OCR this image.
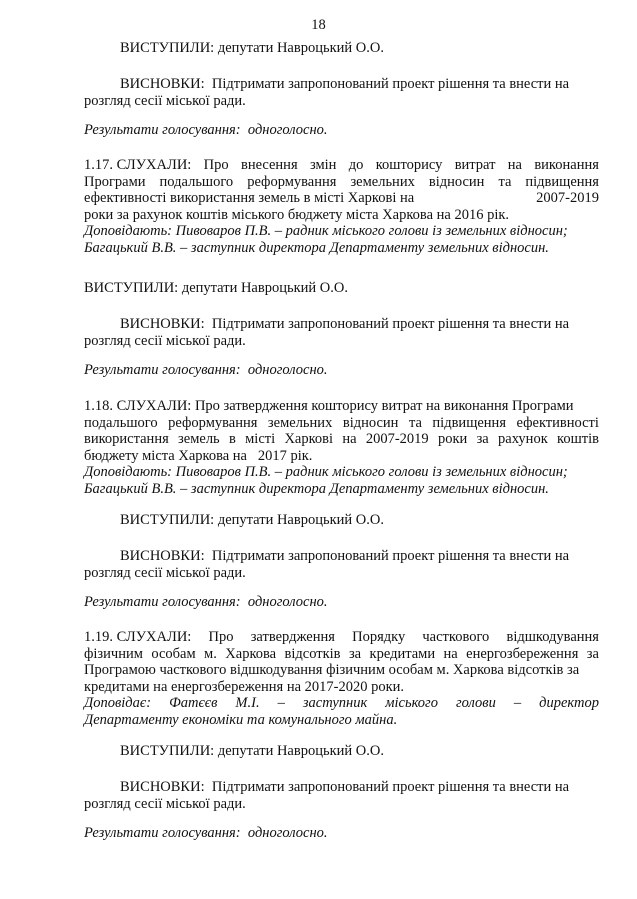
18
ВИСТУПИЛИ: депутати Навроцький О.О.
ВИСНОВКИ: Підтримати запропонований проект рішення та внести на
розгляд сесії міської ради.
Результати голосування: одноголосно.
1.17. СЛУХАЛИ: Про внесення змін до кошторису витрат на виконання
Програми подальшого реформування земельних відносин та підвищення
ефективності використання земель в місті Харкові на	2007-2019
роки за рахунок коштів міського бюджету міста Харкова на 2016 рік.
Доповідають: Пивоваров П.В. – радник міського голови із земельних відносин;
Багацький В.В. – заступник директора Департаменту земельних відносин.
ВИСТУПИЛИ: депутати Навроцький О.О.
ВИСНОВКИ: Підтримати запропонований проект рішення та внести на
розгляд сесії міської ради.
Результати голосування: одноголосно.
1.18. СЛУХАЛИ: Про затвердження кошторису витрат на виконання Програми
подальшого реформування земельних відносин та підвищення ефективності
використання земель в місті Харкові на 2007-2019 роки за рахунок коштів
бюджету міста Харкова на   2017 рік.
Доповідають: Пивоваров П.В. – радник міського голови із земельних відносин;
Багацький В.В. – заступник директора Департаменту земельних відносин.
ВИСТУПИЛИ: депутати Навроцький О.О.
ВИСНОВКИ: Підтримати запропонований проект рішення та внести на
розгляд сесії міської ради.
Результати голосування: одноголосно.
1.19. СЛУХАЛИ: Про затвердження Порядку часткового відшкодування
фізичним особам м. Харкова відсотків за кредитами на енергозбереження за
Програмою часткового відшкодування фізичним особам м. Харкова відсотків за
кредитами на енергозбереження на 2017-2020 роки.
Доповідає: Фатєєв М.І. – заступник міського голови – директор
Департаменту економіки та комунального майна.
ВИСТУПИЛИ: депутати Навроцький О.О.
ВИСНОВКИ: Підтримати запропонований проект рішення та внести на
розгляд сесії міської ради.
Результати голосування: одноголосно.
